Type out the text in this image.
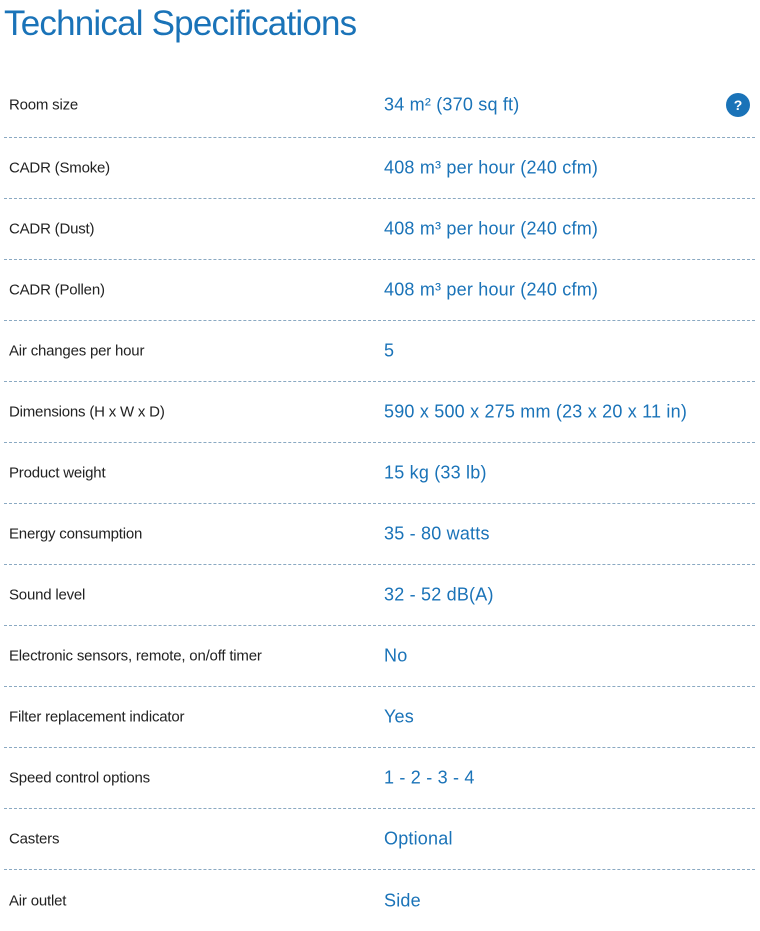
Technical Specifications
Room size	34 m² (370 sq ft)	?
CADR (Smoke)	408 m³ per hour (240 cfm)
CADR (Dust)	408 m³ per hour (240 cfm)
CADR (Pollen)	408 m³ per hour (240 cfm)
Air changes per hour	5
Dimensions (H x W x D)	590 x 500 x 275 mm (23 x 20 x 11 in)
Product weight	15 kg (33 lb)
Energy consumption	35 - 80 watts
Sound level	32 - 52 dB(A)
Electronic sensors, remote, on/off timer	No
Filter replacement indicator	Yes
Speed control options	1 - 2 - 3 - 4
Casters	Optional
Air outlet	Side
